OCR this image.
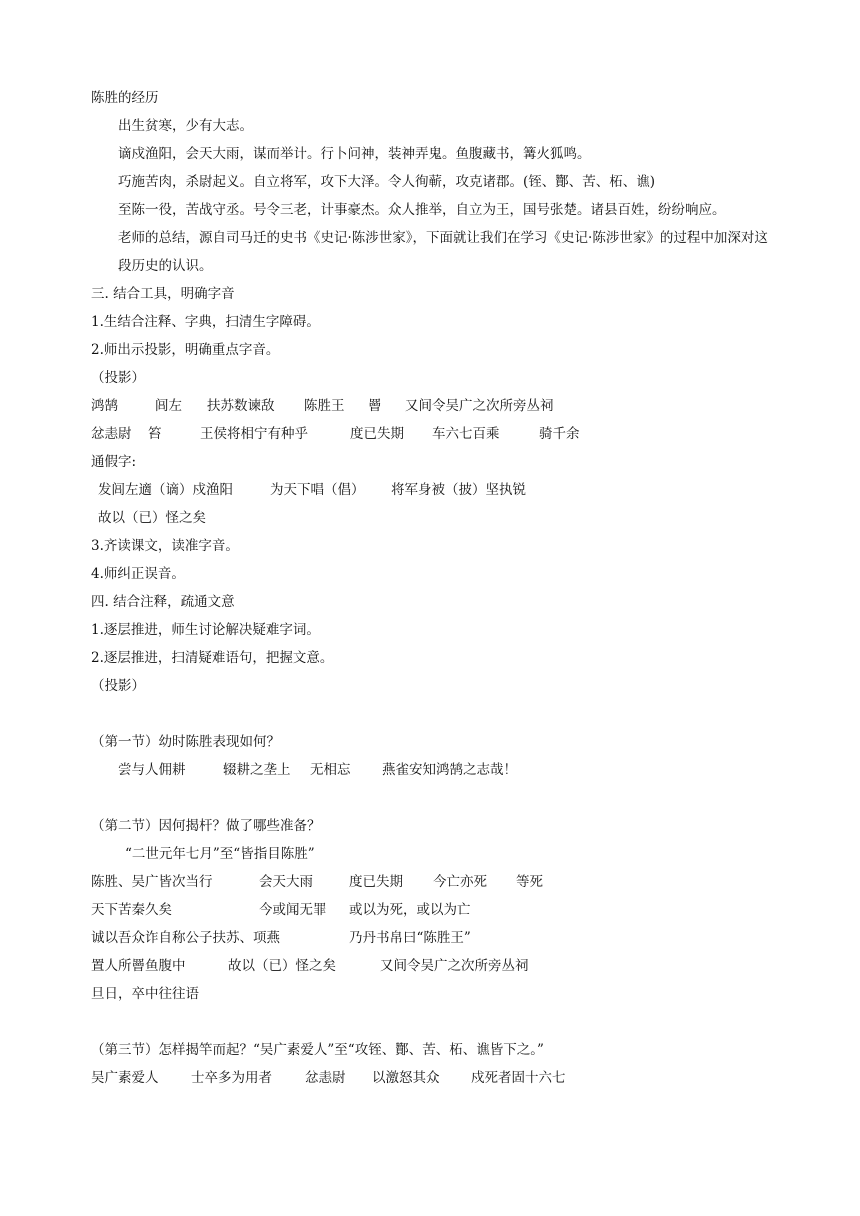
陈胜的经历
出生贫寒，少有大志。
谪戍渔阳，会天大雨，谋而举计。行卜问神，装神弄鬼。鱼腹藏书，篝火狐鸣。
巧施苦肉，杀尉起义。自立将军，攻下大泽。令人徇蕲，攻克诸郡。(铚、酇、苦、柘、谯)
至陈一役，苦战守丞。号令三老，计事豪杰。众人推举，自立为王，国号张楚。诸县百姓，纷纷响应。
老师的总结，源自司马迁的史书《史记·陈涉世家》，下面就让我们在学习《史记·陈涉世家》的过程中加深对这段历史的认识。
三. 结合工具，明确字音
1.生结合注释、字典，扫清生字障碍。
2.师出示投影，明确重点字音。
（投影）
鸿鹄	闾左 扶苏数谏敌 陈胜王 罾 又间令吴广之次所旁丛祠
忿恚尉 笞	王侯将相宁有种乎	度已失期 车六七百乘	骑千余
通假字:
发闾左適（谪）戍渔阳	为天下唱（倡） 将军身被（披）坚执锐
故以（已）怪之矣
3.齐读课文，读准字音。
4.师纠正误音。
四. 结合注释，疏通文意
1.逐层推进，师生讨论解决疑难字词。
2.逐层推进，扫清疑难语句，把握文意。
（投影）
（第一节）幼时陈胜表现如何？
尝与人佣耕	辍耕之垄上 无相忘 燕雀安知鸿鹄之志哉！
（第二节）因何揭杆？做了哪些准备？
“二世元年七月”至“皆指目陈胜”
陈胜、吴广皆次当行	会天大雨	度已失期 今亡亦死 等死
天下苦秦久矣	今或闻无罪 或以为死，或以为亡
诚以吾众诈自称公子扶苏、项燕	乃丹书帛曰“陈胜王”
置人所罾鱼腹中	故以（已）怪之矣	又间令吴广之次所旁丛祠
旦日，卒中往往语
（第三节）怎样揭竿而起？“吴广素爱人”至“攻铚、酇、苦、柘、谯皆下之。”
吴广素爱人 士卒多为用者 忿恚尉 以激怒其众 戍死者固十六七
